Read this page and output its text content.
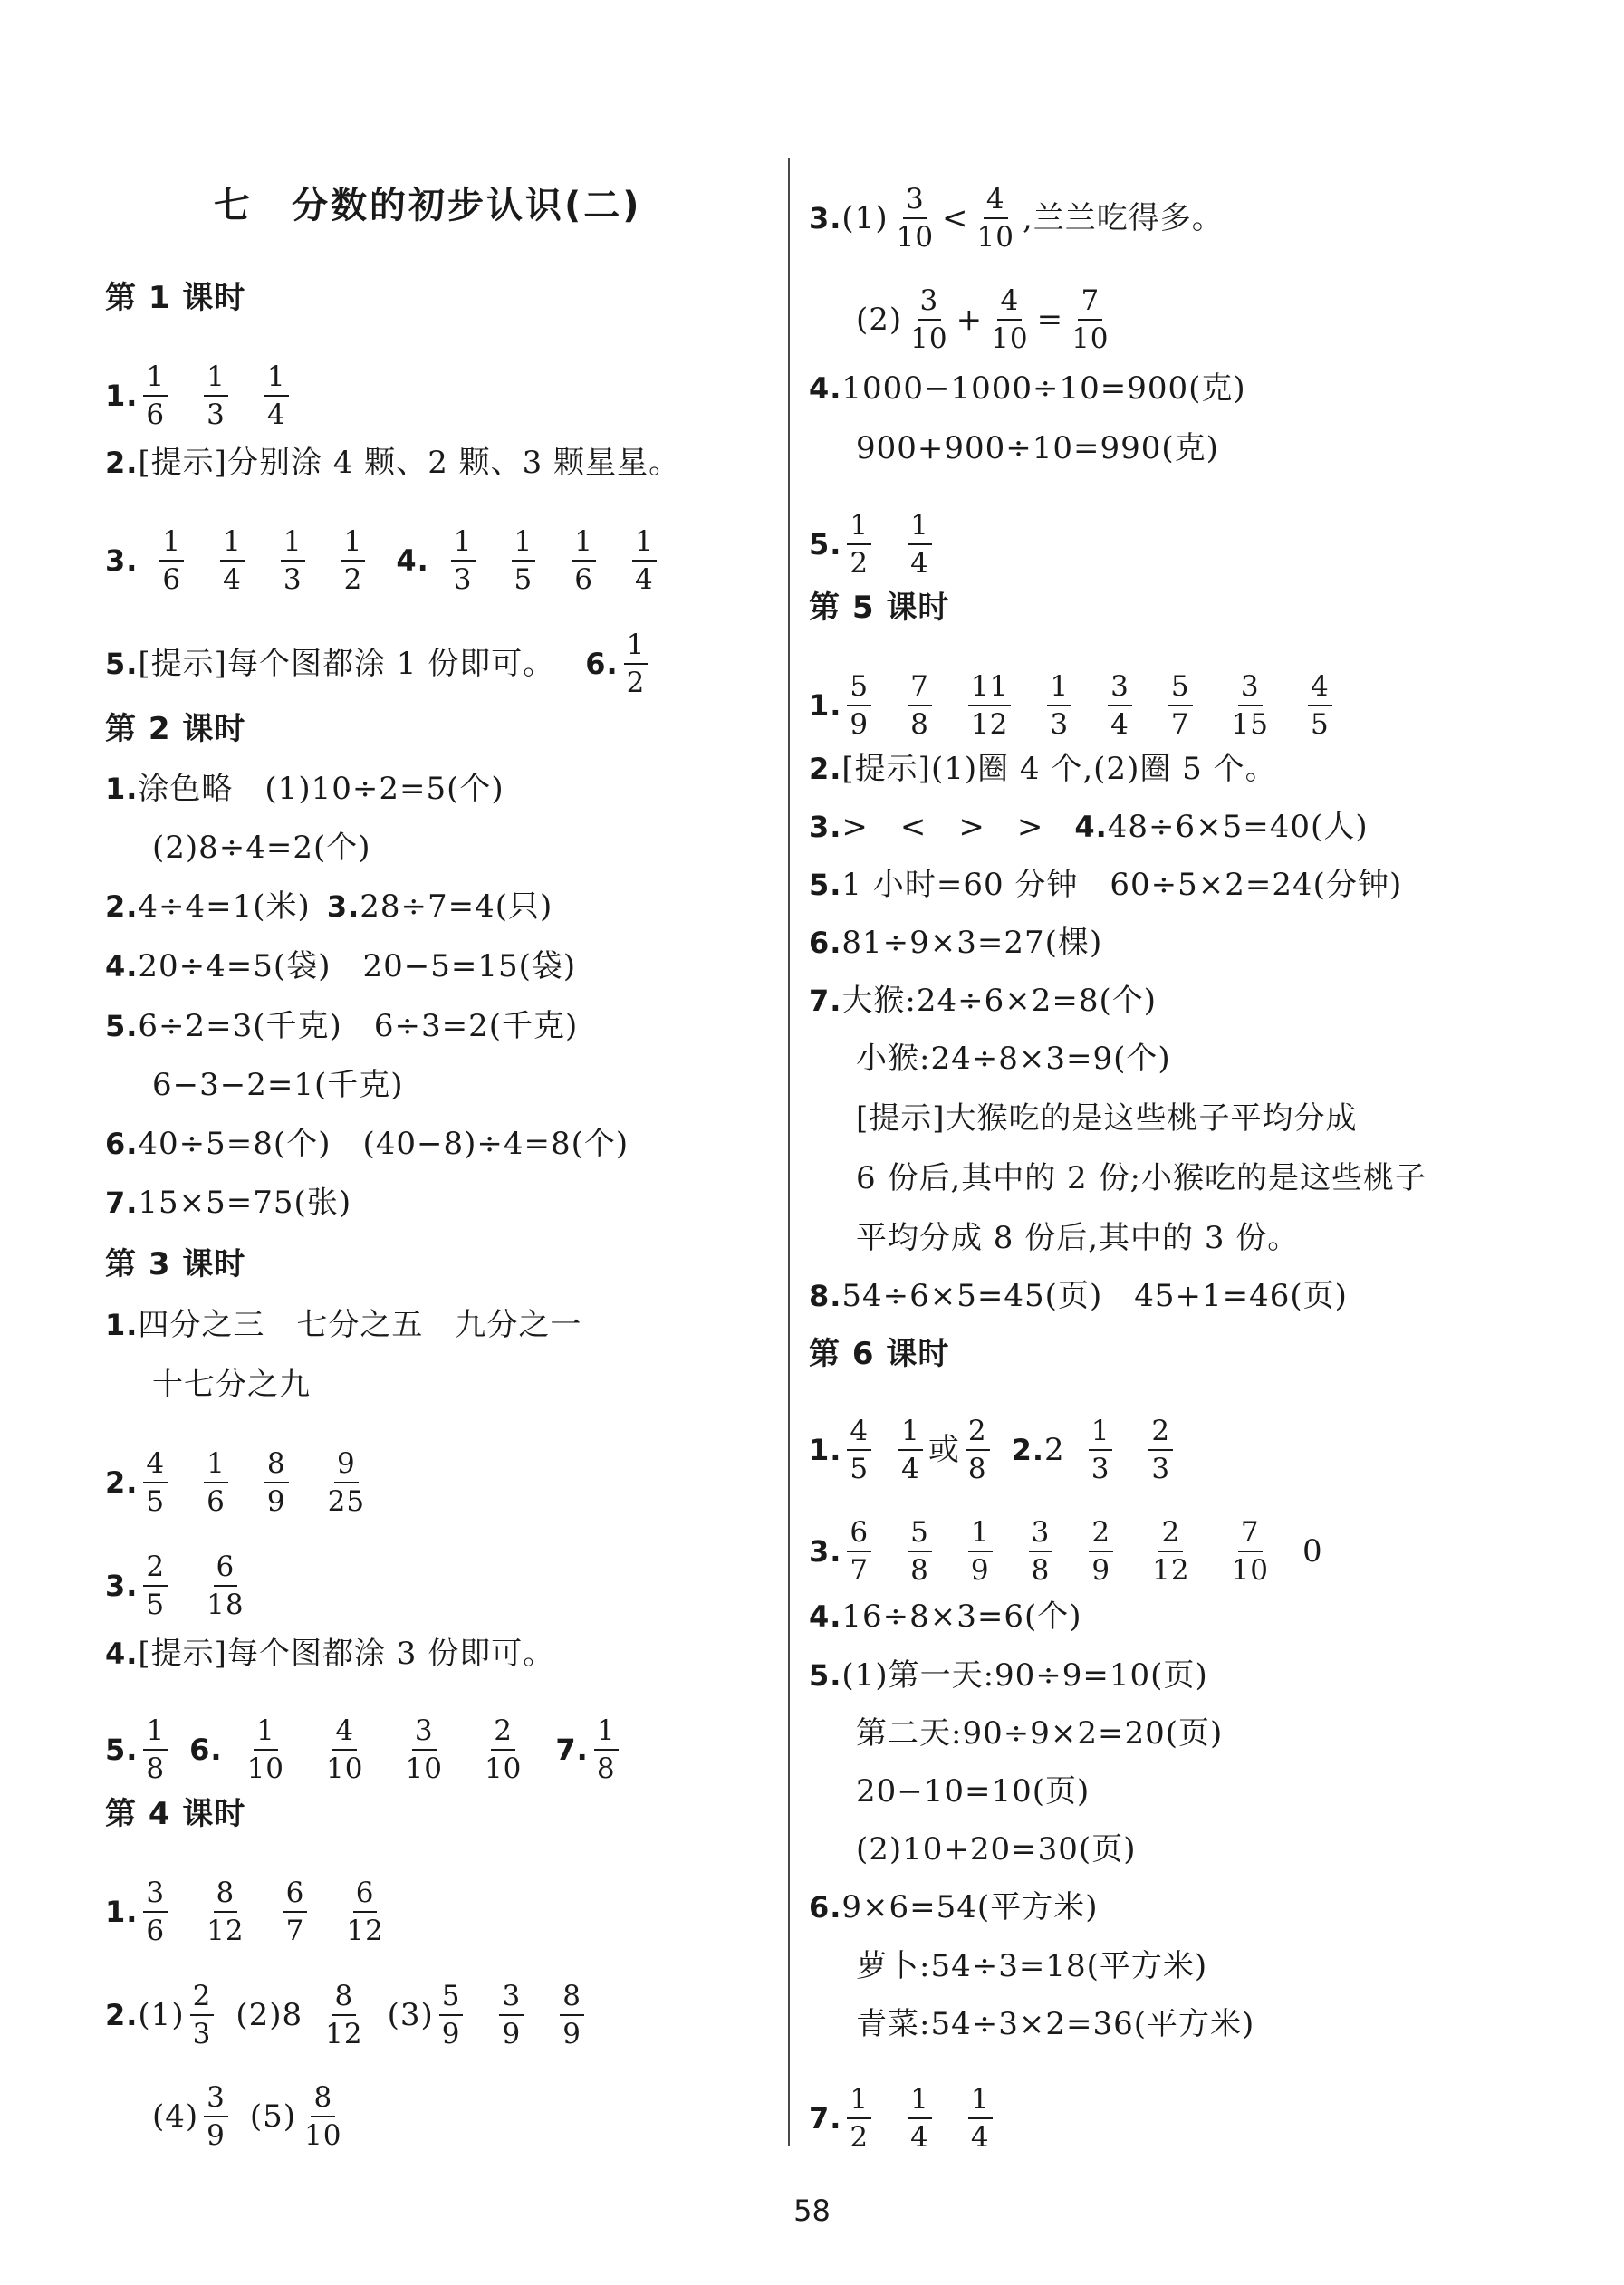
七　分数的初步认识(二)
第 1 课时
1. $\frac{1}{6} \frac{1}{3} \frac{1}{4}$
2. [提示]分别涂 4 颗、2 颗、3 颗星星。
3. $\frac{1}{6} \frac{1}{4} \frac{1}{3} \frac{1}{2} 4$. $\frac{1}{3} \frac{1}{5} \frac{1}{6} \frac{1}{4}$
5. [提示]每个图都涂 1 份即可。 6. $\frac{1}{2}$
第 2 课时
1. 涂色略　(1)10÷2=5(个)
(2)8÷4=2(个)
2. 4÷4=1(米) 3. 28÷7=4(只)
4. 20÷4=5(袋)　20−5=15(袋)
5. 6÷2=3(千克)　6÷3=2(千克)
6−3−2=1(千克)
6. 40÷5=8(个)　(40−8)÷4=8(个)
7. 15×5=75(张)
第 3 课时
1. 四分之三　七分之五　九分之一
十七分之九
2. $\frac{4}{5} \frac{1}{6} \frac{8}{9} \frac{9}{25}$
3. $\frac{2}{5} \frac{6}{18}$
4. [提示]每个图都涂 3 份即可。
5. $\frac{1}{8} 6$. $\frac{1}{10} \frac{4}{10} \frac{3}{10} \frac{2}{10} 7$. $\frac{1}{8}$
第 4 课时
1. $\frac{3}{6} \frac{8}{12} \frac{6}{7} \frac{6}{12}$
2. $(1) \frac{2}{3} (2)8 \frac{8}{12} (3) \frac{5}{9} \frac{3}{9} \frac{8}{9}$
$(4) \frac{3}{9} (5) \frac{8}{10}$
3. $(1) \frac{3}{10} < \frac{4}{10}$ ,兰兰吃得多。
$(2) \frac{3}{10} + \frac{4}{10} = \frac{7}{10}$
4. 1000−1000÷10=900(克)
900+900÷10=990(克)
5. $\frac{1}{2} \frac{1}{4}$
第 5 课时
1. $\frac{5}{9} \frac{7}{8} \frac{11}{12} \frac{1}{3} \frac{3}{4} \frac{5}{7} \frac{3}{15} \frac{4}{5}$
2. [提示](1)圈 4 个,(2)圈 5 个。
3. >　<　>　> 4. 48÷6×5=40(人)
5. 1 小时=60 分钟　60÷5×2=24(分钟)
6. 81÷9×3=27(棵)
7. 大猴:24÷6×2=8(个)
小猴:24÷8×3=9(个)
[提示]大猴吃的是这些桃子平均分成
6 份后,其中的 2 份;小猴吃的是这些桃子
平均分成 8 份后,其中的 3 份。
8. 54÷6×5=45(页)　45+1=46(页)
第 6 课时
1. $\frac{4}{5} \frac{1}{4}$ 或 $\frac{2}{8} 2$. $2 \frac{1}{3} \frac{2}{3}$
3. $\frac{6}{7} \frac{5}{8} \frac{1}{9} \frac{3}{8} \frac{2}{9} \frac{2}{12} \frac{7}{10} 0$
4. 16÷8×3=6(个)
5. (1)第一天:90÷9=10(页)
第二天:90÷9×2=20(页)
20−10=10(页)
(2)10+20=30(页)
6. 9×6=54(平方米)
萝卜:54÷3=18(平方米)
青菜:54÷3×2=36(平方米)
7. $\frac{1}{2} \frac{1}{4} \frac{1}{4}$
58
